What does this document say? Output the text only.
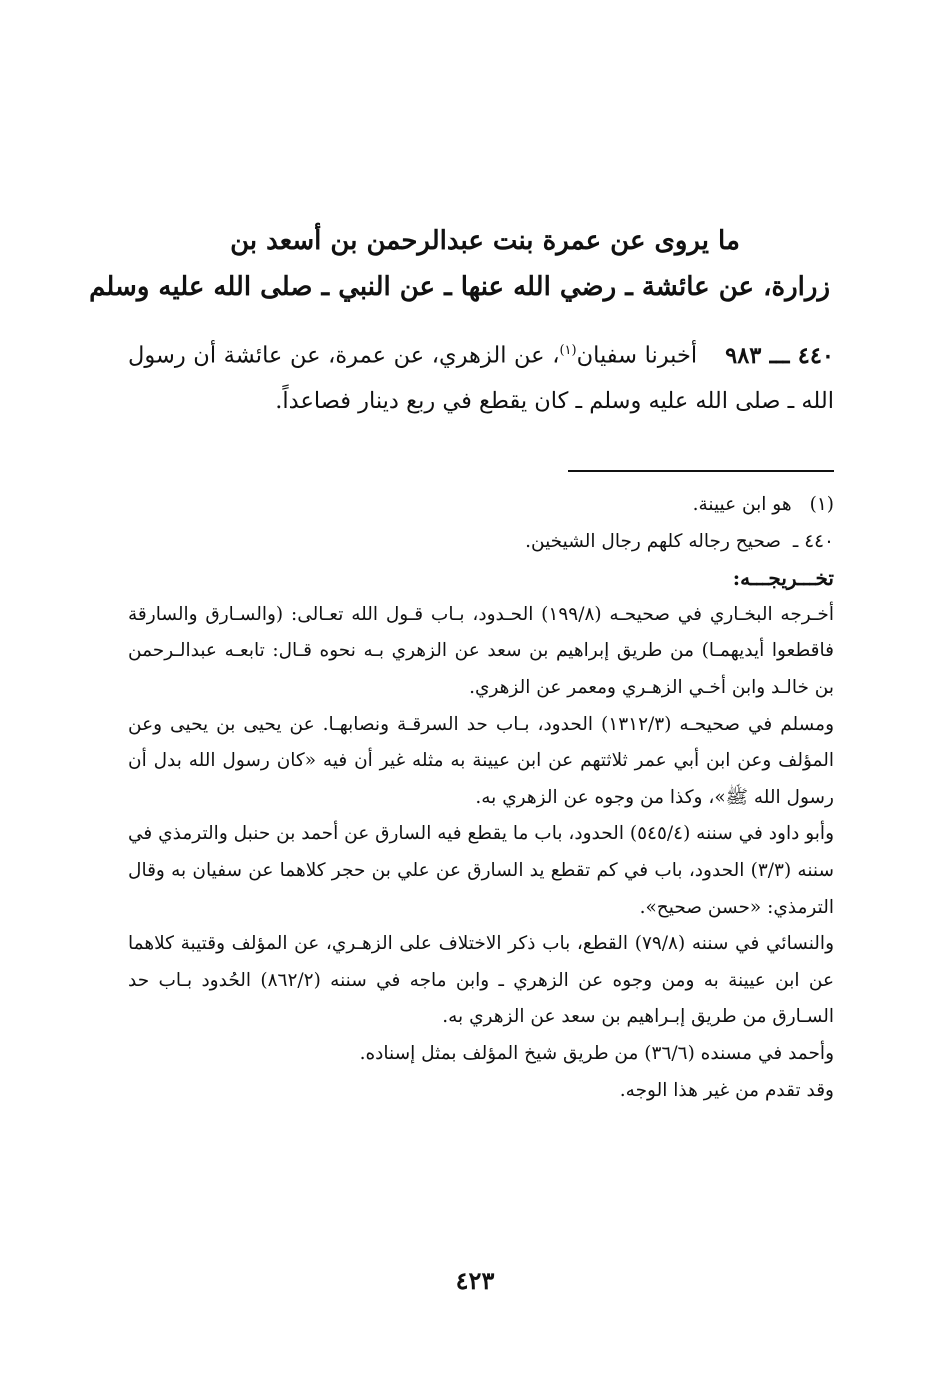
ما يروى عن عمرة بنت عبدالرحمن بن أسعد بن
زرارة، عن عائشة ـ رضي الله عنها ـ عن النبي ـ صلى الله عليه وسلم
٤٤٠ ـــ ٩٨٣أخبرنا سفيان$^{(١)}$، عن الزهري، عن عمرة، عن عائشة أن رسول الله ـ صلى الله عليه وسلم ـ كان يقطع في ربع دينار فصاعداً.
(١)هو ابن عيينة.
٤٤٠ ـ صحيح رجاله كلهم رجال الشيخين.
تخـــريجـــه:
أخـرجه البخـاري في صحيحـه (١٩٩/٨) الحـدود، بـاب قـول الله تعـالى: (والسـارق والسارقة فاقطعوا أيديهمـا) من طريق إبراهيم بن سعد عن الزهري بـه نحوه قـال: تابعـه عبدالـرحمن بن خالـد وابن أخـي الزهـري ومعمر عن الزهري.
ومسلم في صحيحـه (١٣١٢/٣) الحدود، بـاب حد السرقـة ونصابهـا. عن يحيى بن يحيى وعن المؤلف وعن ابن أبي عمر ثلاثتهم عن ابن عيينة به مثله غير أن فيه «كان رسول الله بدل أن رسول الله ﷺ»، وكذا من وجوه عن الزهري به.
وأبو داود في سننه (٥٤٥/٤) الحدود، باب ما يقطع فيه السارق عن أحمد بن حنبل والترمذي في سننه (٣/٣) الحدود، باب في كم تقطع يد السارق عن علي بن حجر كلاهما عن سفيان به وقال الترمذي: «حسن صحيح».
والنسائي في سننه (٧٩/٨) القطع، باب ذكر الاختلاف على الزهـري، عن المؤلف وقتيبة كلاهما عن ابن عيينة به ومن وجوه عن الزهري ـ وابن ماجه في سننه (٨٦٢/٢) الحُدود بـاب حد السـارق من طريق إبـراهيم بن سعد عن الزهري به.
وأحمد في مسنده (٣٦/٦) من طريق شيخ المؤلف بمثل إسناده.
وقد تقدم من غير هذا الوجه.
٤٢٣
